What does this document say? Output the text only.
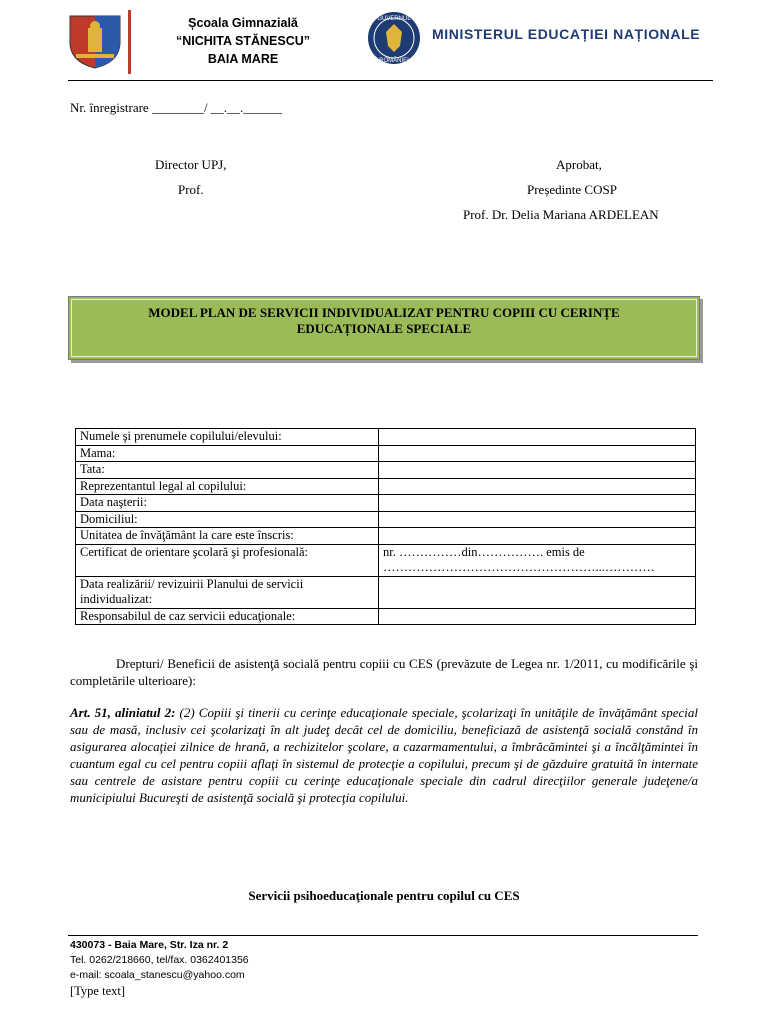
Școala Gimnazială
“NICHITA STĂNESCU”
BAIA MARE
GUVERNUL
ROMÂNIEI
MINISTERUL EDUCAȚIEI NAȚIONALE
Nr. înregistrare ________/ __.__.______
Director UPJ,
Prof.
Aprobat,
Președinte COSP
Prof. Dr. Delia Mariana ARDELEAN
MODEL PLAN DE SERVICII INDIVIDUALIZAT PENTRU COPIII CU CERINȚE
EDUCAȚIONALE SPECIALE
Numele şi prenumele copilului/elevului:	
Mama:	
Tata:	
Reprezentantul legal al copilului:	
Data naşterii:	
Domiciliul:	
Unitatea de învăţământ la care este înscris:	
Certificat de orientare şcolară şi profesională:	nr. ……………din……………. emis de ……………………………………………...…………
Data realizării/ revizuirii Planului de servicii individualizat:	
Responsabilul de caz servicii educaţionale:	
Drepturi/ Beneficii de asistenţă socială pentru copiii cu CES (prevăzute de Legea nr. 1/2011, cu modificările şi completările ulterioare):
Art. 51, aliniatul 2: (2) Copiii şi tinerii cu cerinţe educaţionale speciale, şcolarizaţi în unităţile de învăţământ special sau de masă, inclusiv cei şcolarizaţi în alt judeţ decât cel de domiciliu, beneficiază de asistenţă socială constând în asigurarea alocaţiei zilnice de hrană, a rechizitelor şcolare, a cazarmamentului, a îmbrăcămintei şi a încălţămintei în cuantum egal cu cel pentru copiii aflaţi în sistemul de protecţie a copilului, precum şi de găzduire gratuită în internate sau centrele de asistare pentru copiii cu cerinţe educaţionale speciale din cadrul direcţiilor generale judeţene/a municipiului Bucureşti de asistenţă socială şi protecţia copilului.
Servicii psihoeducaţionale pentru copilul cu CES
430073 - Baia Mare, Str. Iza nr. 2
Tel. 0262/218660, tel/fax. 0362401356
e-mail: scoala_stanescu@yahoo.com
[Type text]
